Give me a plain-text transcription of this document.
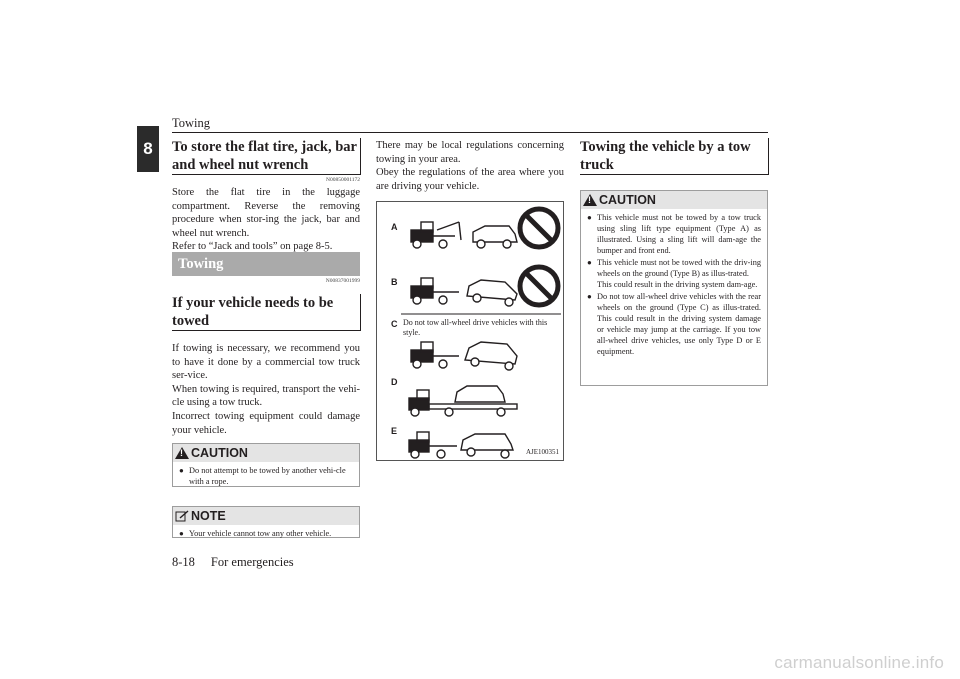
Towing
8	To store the flat tire, jack, bar and wheel nut wrench
N00850001172
Store the flat tire in the luggage compartment. Reverse the removing procedure when stor-ing the jack, bar and wheel nut wrench.
Refer to “Jack and tools” on page 8-5.
Towing
N00837001999
If your vehicle needs to be towed
If towing is necessary, we recommend you to have it done by a commercial tow truck ser-vice.
When towing is required, transport the vehi-cle using a tow truck.
Incorrect towing equipment could damage your vehicle.
!
CAUTION
● Do not attempt to be towed by another vehi-cle with a rope.
NOTE
● Your vehicle cannot tow any other vehicle.
There may be local regulations concerning towing in your area.
Obey the regulations of the area where you are driving your vehicle.
A
B
C
D
E
Do not tow all-wheel drive vehicles with this style.
AJE100351
Towing the vehicle by a tow truck
!
CAUTION
● This vehicle must not be towed by a tow truck using sling lift type equipment (Type A) as illustrated. Using a sling lift will dam-age the bumper and front end.
● This vehicle must not be towed with the driv-ing wheels on the ground (Type B) as illus-trated.
This could result in the driving system dam-age.
● Do not tow all-wheel drive vehicles with the rear wheels on the ground (Type C) as illus-trated. This could result in the driving system damage or vehicle may jump at the carriage. If you tow all-wheel drive vehicles, use only Type D or E equipment.
8-18 For emergencies
carmanualsonline.info
